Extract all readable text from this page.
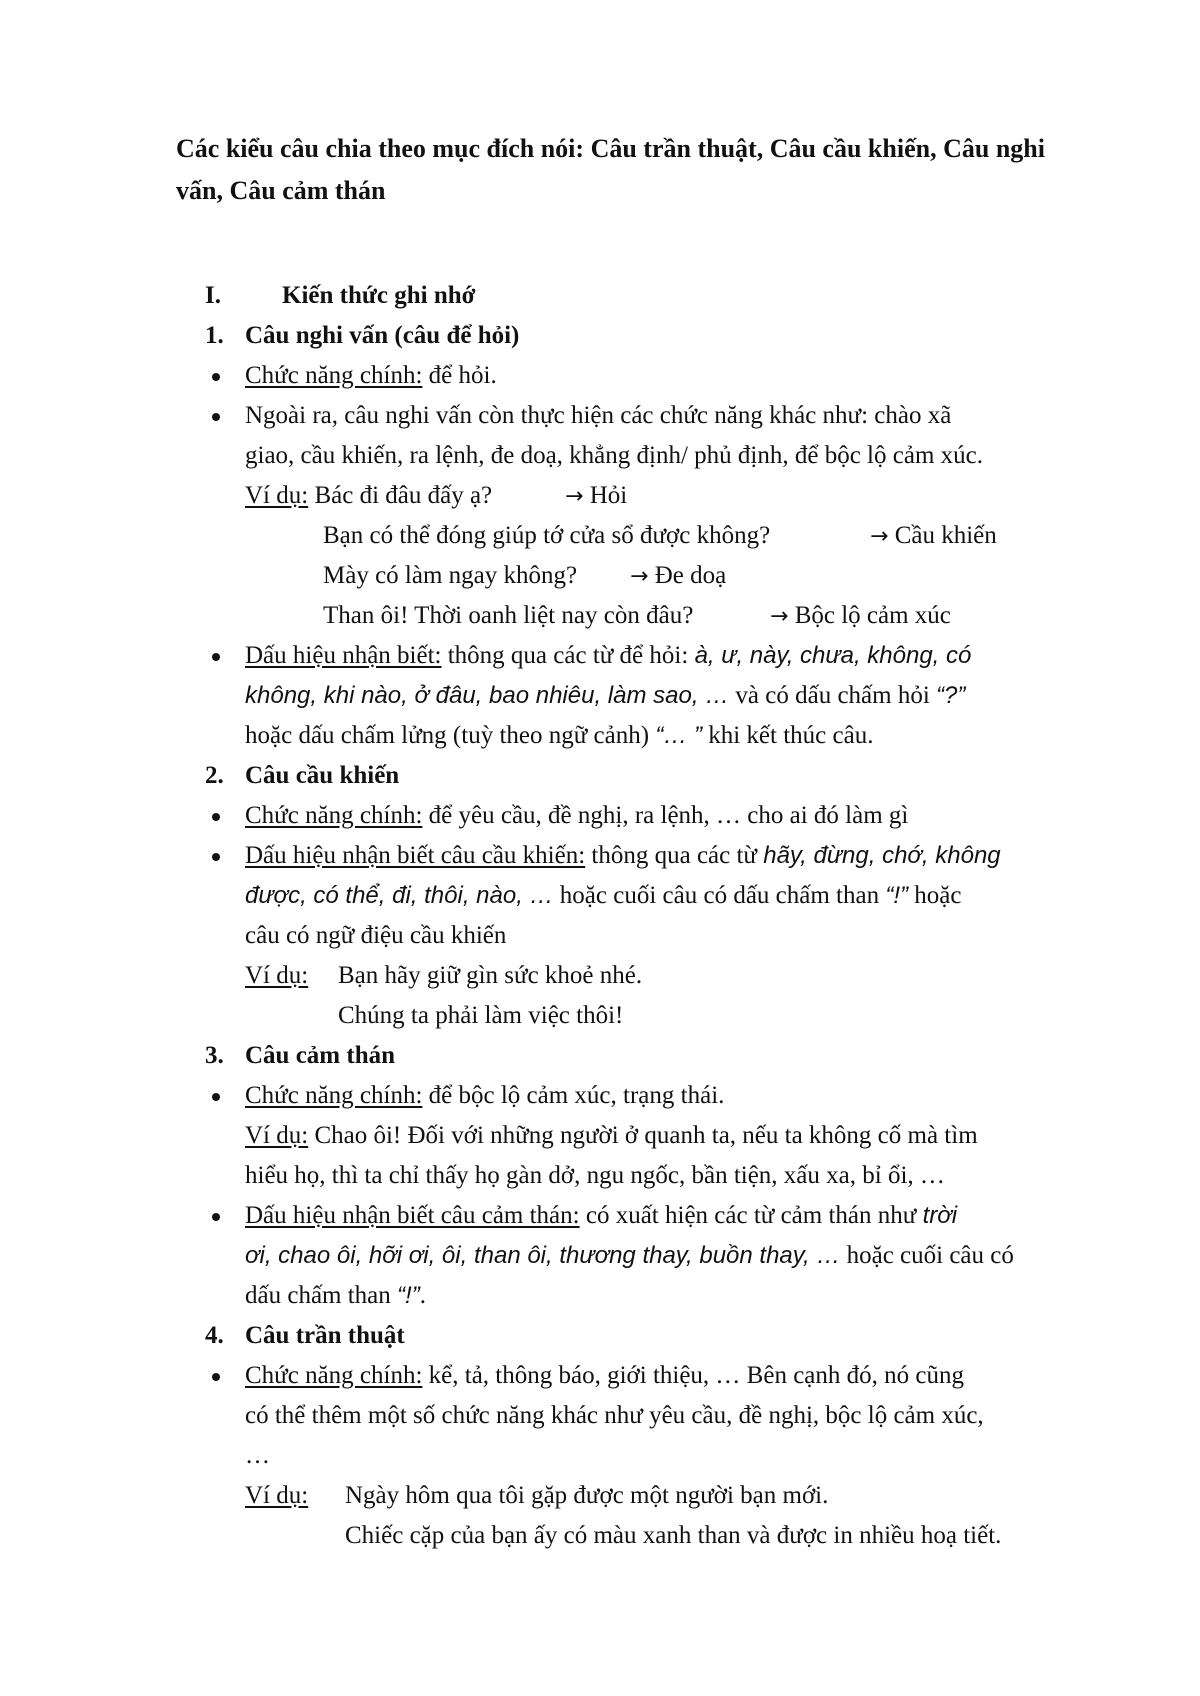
Các kiểu câu chia theo mục đích nói: Câu trần thuật, Câu cầu khiến, Câu nghi vấn, Câu cảm thán

I. Kiến thức ghi nhớ
1. Câu nghi vấn (câu để hỏi)
Chức năng chính: để hỏi.
Ngoài ra, câu nghi vấn còn thực hiện các chức năng khác như: chào xã
giao, cầu khiến, ra lệnh, đe doạ, khẳng định/ phủ định, để bộc lộ cảm xúc.
Ví dụ: Bác đi đâu đấy ạ?	→ Hỏi
Bạn có thể đóng giúp tớ cửa sổ được không?	→ Cầu khiến
Mày có làm ngay không? → Đe doạ
Than ôi! Thời oanh liệt nay còn đâu?	→ Bộc lộ cảm xúc
Dấu hiệu nhận biết: thông qua các từ để hỏi: à, ư, này, chưa, không, có
không, khi nào, ở đâu, bao nhiêu, làm sao, … và có dấu chấm hỏi “?”
hoặc dấu chấm lửng (tuỳ theo ngữ cảnh) “… ” khi kết thúc câu.
2. Câu cầu khiến
Chức năng chính: để yêu cầu, đề nghị, ra lệnh, … cho ai đó làm gì
Dấu hiệu nhận biết câu cầu khiến: thông qua các từ hãy, đừng, chớ, không
được, có thể, đi, thôi, nào, … hoặc cuối câu có dấu chấm than “!” hoặc
câu có ngữ điệu cầu khiến
Ví dụ: Bạn hãy giữ gìn sức khoẻ nhé.
Chúng ta phải làm việc thôi!
3. Câu cảm thán
Chức năng chính: để bộc lộ cảm xúc, trạng thái.
Ví dụ: Chao ôi! Đối với những người ở quanh ta, nếu ta không cố mà tìm
hiểu họ, thì ta chỉ thấy họ gàn dở, ngu ngốc, bần tiện, xấu xa, bỉ ổi, …
Dấu hiệu nhận biết câu cảm thán: có xuất hiện các từ cảm thán như trời
ơi, chao ôi, hỡi ơi, ôi, than ôi, thương thay, buồn thay, … hoặc cuối câu có
dấu chấm than “!”.
4. Câu trần thuật
Chức năng chính: kể, tả, thông báo, giới thiệu, … Bên cạnh đó, nó cũng
có thể thêm một số chức năng khác như yêu cầu, đề nghị, bộc lộ cảm xúc,
…
Ví dụ: Ngày hôm qua tôi gặp được một người bạn mới.
Chiếc cặp của bạn ấy có màu xanh than và được in nhiều hoạ tiết.
